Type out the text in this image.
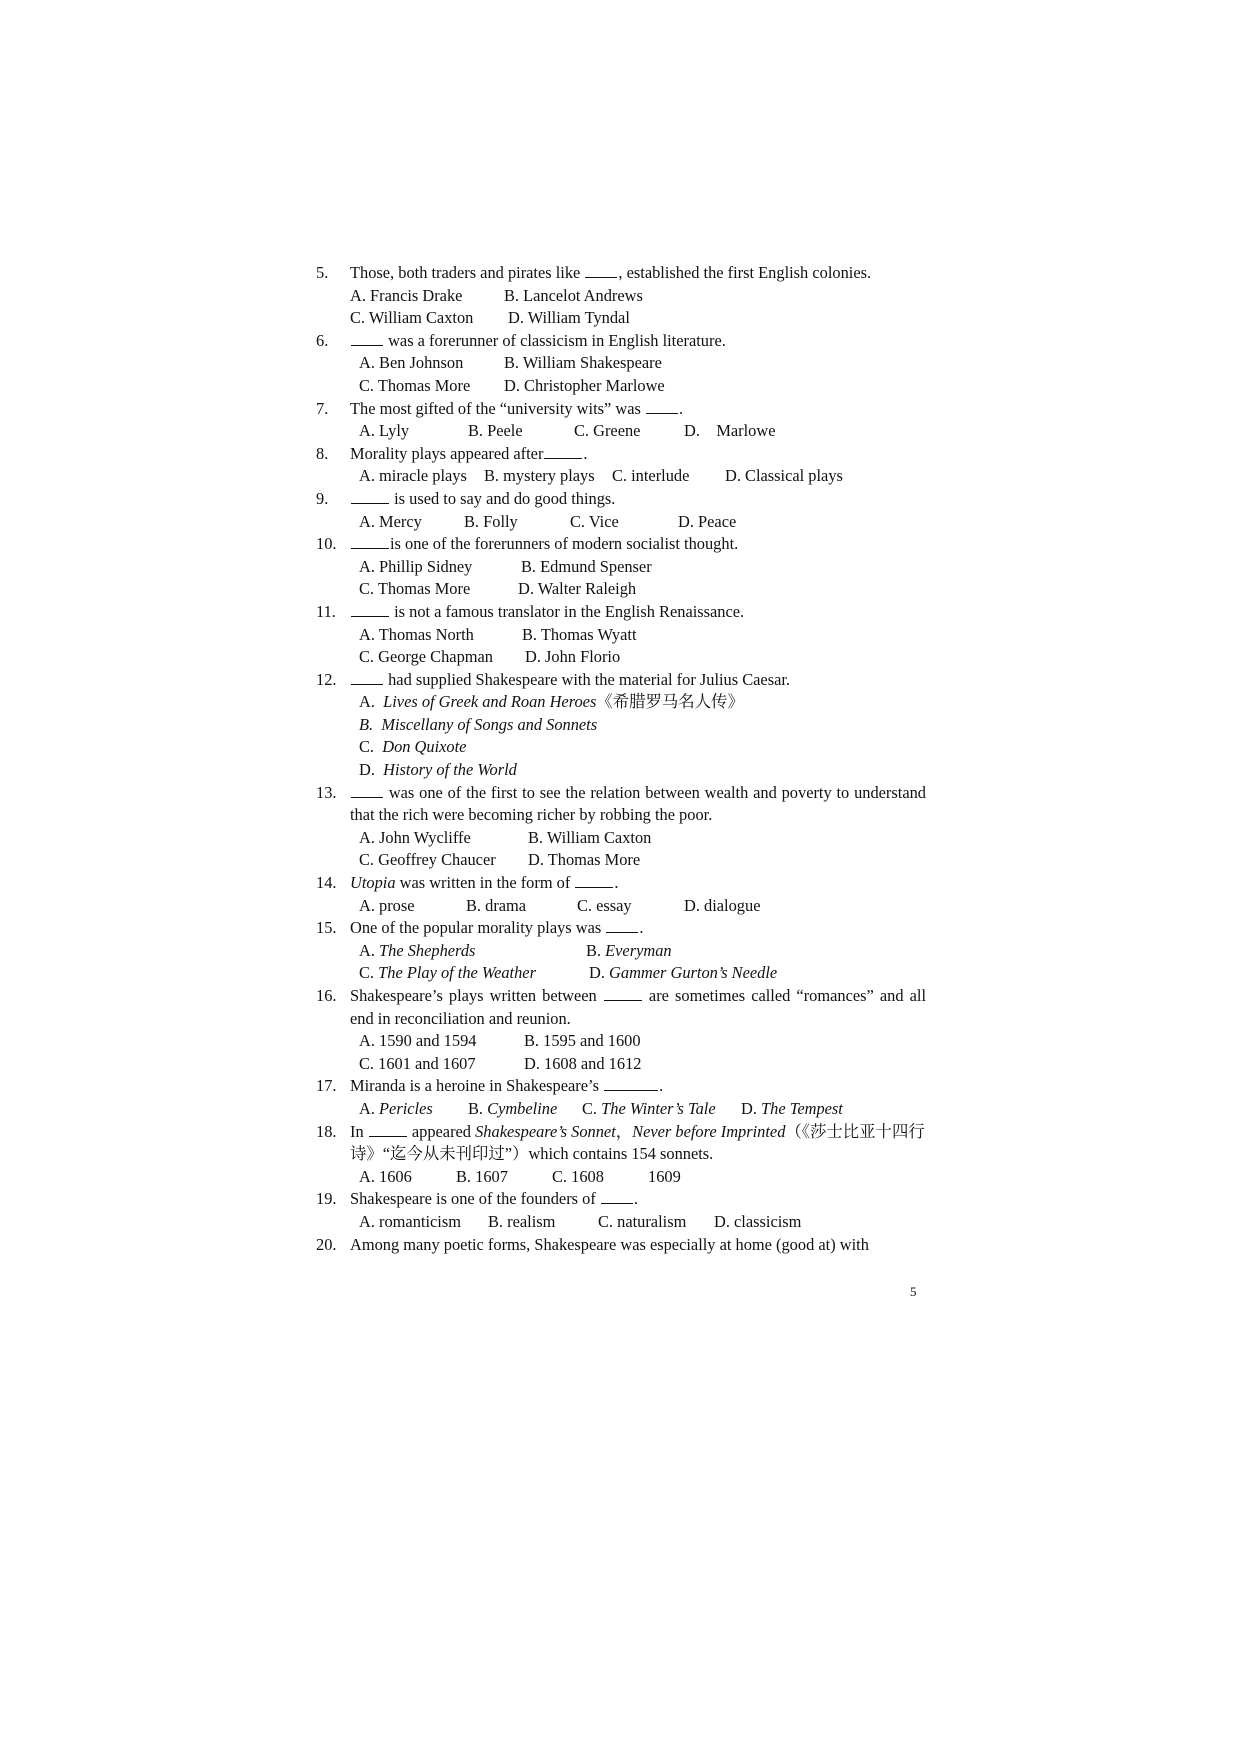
5.	Those, both traders and pirates like , established the first English colonies.
A. Francis Drake	B. Lancelot Andrews
C. William Caxton D. William Tyndal
6.	was a forerunner of classicism in English literature.
A. Ben Johnson B. William Shakespeare
C. Thomas More D. Christopher Marlowe
7.	The most gifted of the “university wits” was .
A. Lyly	B. Peele	C. Greene	D.    Marlowe
8.	Morality plays appeared after .
A. miracle plays B. mystery plays C. interlude D. Classical plays
9.	is used to say and do good things.
A. Mercy	B. Folly	C. Vice	D. Peace
10.	is one of the forerunners of modern socialist thought.
A. Phillip Sidney	B. Edmund Spenser
C. Thomas More	D. Walter Raleigh
11.	is not a famous translator in the English Renaissance.
A. Thomas North	B. Thomas Wyatt
C. George Chapman D. John Florio
12.	had supplied Shakespeare with the material for Julius Caesar.
A. Lives of Greek and Roan Heroes《希腊罗马名人传》
B. Miscellany of Songs and Sonnets
C. Don Quixote
D. History of the World
13.	was one of the first to see the relation between wealth and poverty to understand that the rich were becoming richer by robbing the poor.
A. John Wycliffe	B. William Caxton
C. Geoffrey Chaucer D. Thomas More
14. Utopia was written in the form of .
A. prose	B. drama	C. essay	D. dialogue
15. One of the popular morality plays was .
A. The Shepherds	B. Everyman
C. The Play of the Weather	D. Gammer Gurton’s Needle
16. Shakespeare’s plays written between  are sometimes called “romances” and all end in reconciliation and reunion.
A. 1590 and 1594	B. 1595 and 1600
C. 1601 and 1607	D. 1608 and 1612
17. Miranda is a heroine in Shakespeare’s	.
A. Pericles B. Cymbeline C. The Winter’s Tale D. The Tempest
18. In  appeared Shakespeare’s Sonnet，Never before Imprinted（《莎士比亚十四行诗》“迄今从未刊印过”）which contains 154 sonnets.
A. 1606	B. 1607	C. 1608	1609
19. Shakespeare is one of the founders of .
A. romanticism B. realism	C. naturalism D. classicism
20. Among many poetic forms, Shakespeare was especially at home (good at) with
5
